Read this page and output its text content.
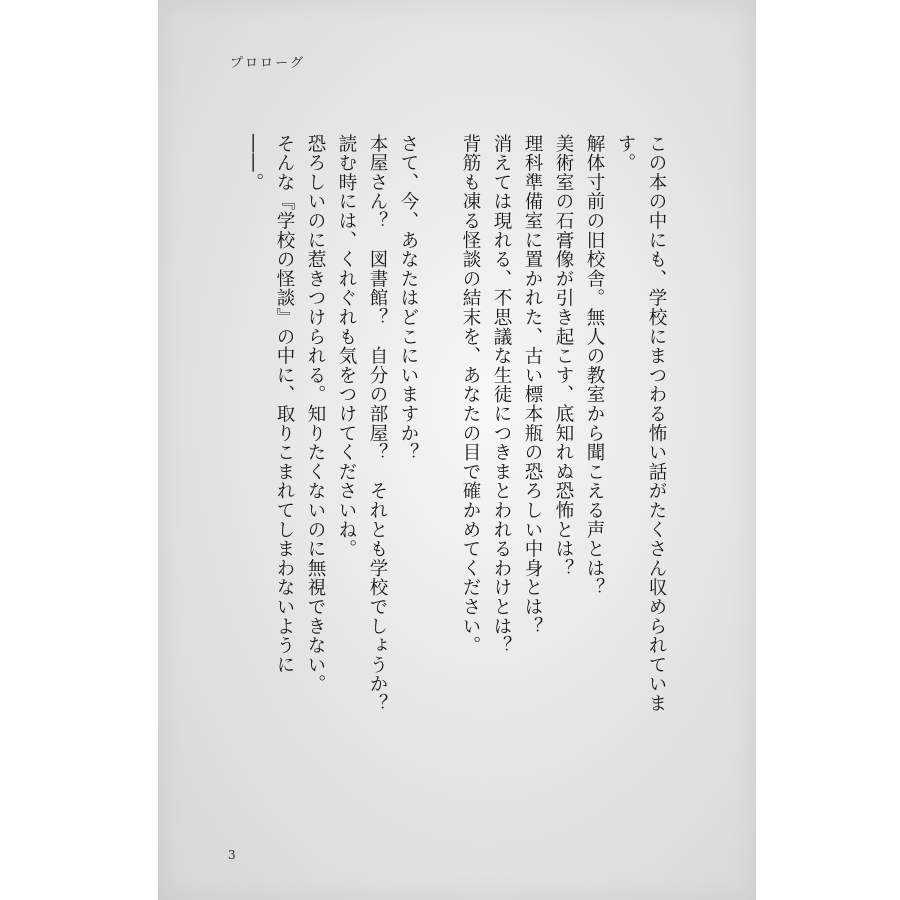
プロローグ
この本の中にも、学校にまつわる怖い話がたくさん収められています。
解体寸前の旧校舎。無人の教室から聞こえる声とは？
美術室の石膏像が引き起こす、底知れぬ恐怖とは？
理科準備室に置かれた、古い標本瓶の恐ろしい中身とは？
消えては現れる、不思議な生徒につきまとわれるわけとは？
背筋も凍る怪談の結末を、あなたの目で確かめてください。
さて、今、あなたはどこにいますか？
本屋さん？　図書館？　自分の部屋？　それとも学校でしょうか？
読む時には、くれぐれも気をつけてくださいね。
恐ろしいのに惹きつけられる。知りたくないのに無視できない。
そんな『学校の怪談』の中に、取りこまれてしまわないように――。
3
